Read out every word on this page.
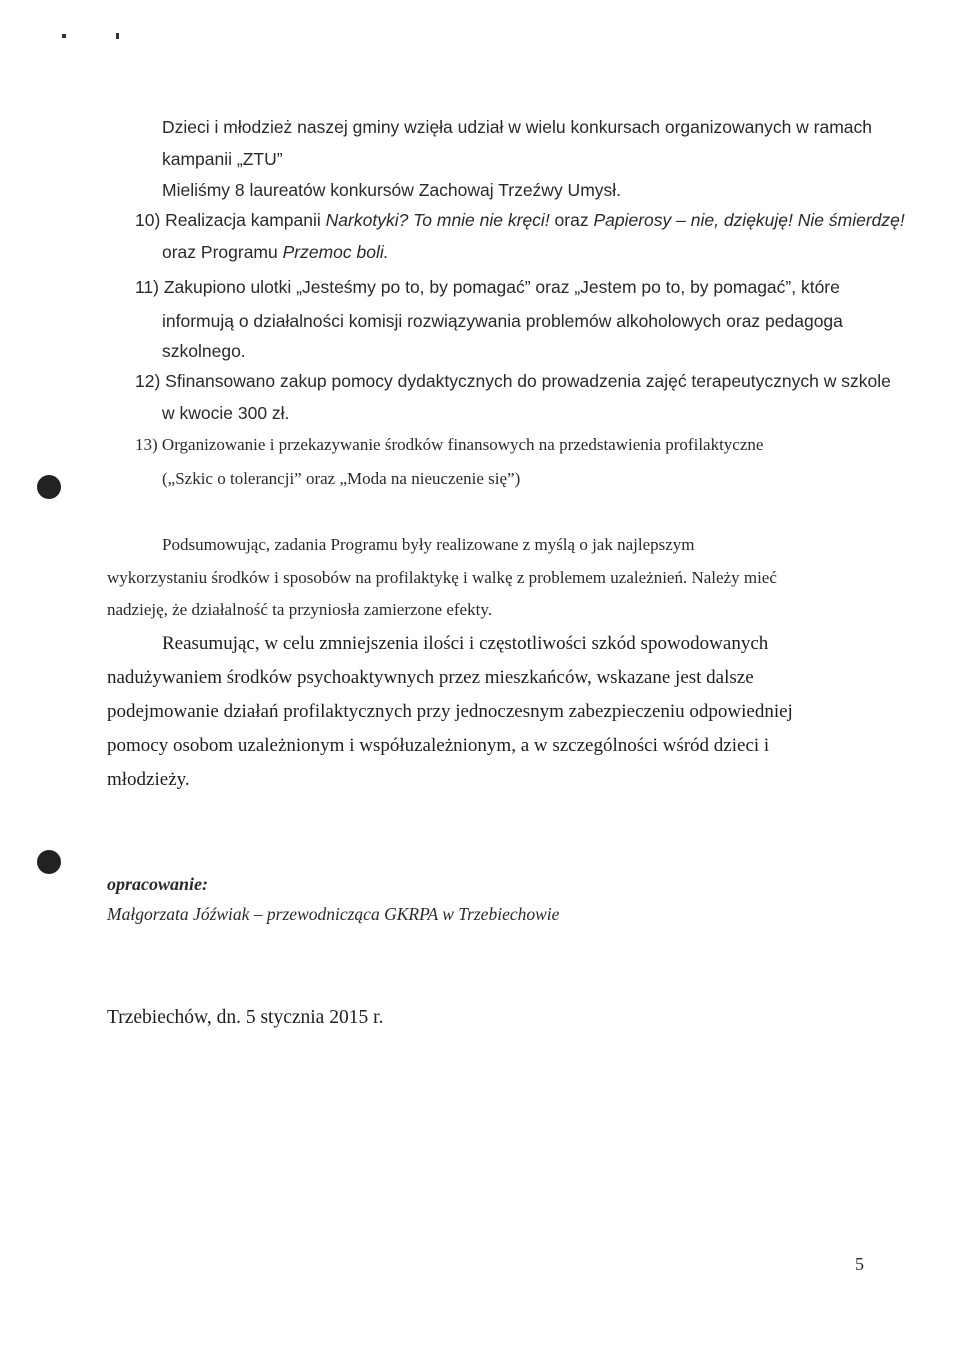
Dzieci i młodzież naszej gminy wzięła udział w wielu konkursach organizowanych w ramach

kampanii „ZTU”

Mieliśmy 8 laureatów konkursów Zachowaj Trzeźwy Umysł.

10) Realizacja kampanii Narkotyki? To mnie nie kręci! oraz Papierosy – nie, dziękuję! Nie śmierdzę!

oraz Programu Przemoc boli.

11) Zakupiono ulotki „Jesteśmy po to, by pomagać” oraz „Jestem po to, by pomagać”, które

informują o działalności komisji rozwiązywania problemów alkoholowych oraz pedagoga

szkolnego.

12) Sfinansowano zakup pomocy dydaktycznych do prowadzenia zajęć terapeutycznych w szkole

w kwocie 300 zł.

13) Organizowanie i przekazywanie środków finansowych na przedstawienia profilaktyczne

(„Szkic o tolerancji” oraz „Moda na nieuczenie się”)

Podsumowując, zadania Programu były realizowane z myślą o jak najlepszym

wykorzystaniu środków i sposobów na profilaktykę i walkę z problemem uzależnień. Należy mieć

nadzieję, że działalność ta przyniosła zamierzone efekty.

Reasumując, w celu zmniejszenia ilości i częstotliwości szkód spowodowanych

nadużywaniem środków psychoaktywnych przez mieszkańców, wskazane jest dalsze

podejmowanie działań profilaktycznych przy jednoczesnym zabezpieczeniu odpowiedniej

pomocy osobom uzależnionym i współuzależnionym, a w szczególności wśród dzieci i

młodzieży.

opracowanie:

Małgorzata Jóźwiak – przewodnicząca GKRPA w Trzebiechowie

Trzebiechów, dn. 5 stycznia 2015 r.

5
